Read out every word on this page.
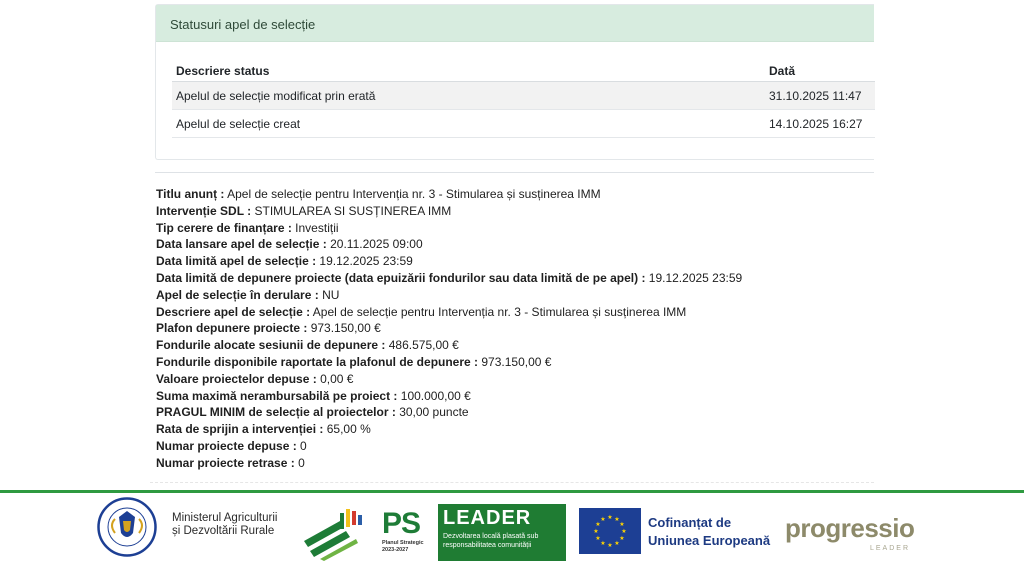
Statusuri apel de selecție
Descriere status	Dată
Apelul de selecție modificat prin erată	31.10.2025 11:47
Apelul de selecție creat	14.10.2025 16:27
Titlu anunț : Apel de selecție pentru Intervenția nr. 3 - Stimularea și susținerea IMM
Intervenție SDL : STIMULAREA SI SUSȚINEREA IMM
Tip cerere de finanțare : Investiții
Data lansare apel de selecție : 20.11.2025 09:00
Data limită apel de selecție : 19.12.2025 23:59
Data limită de depunere proiecte (data epuizării fondurilor sau data limită de pe apel) : 19.12.2025 23:59
Apel de selecție în derulare : NU
Descriere apel de selecție : Apel de selecție pentru Intervenția nr. 3 - Stimularea și susținerea IMM
Plafon depunere proiecte : 973.150,00 €
Fondurile alocate sesiunii de depunere : 486.575,00 €
Fondurile disponibile raportate la plafonul de depunere : 973.150,00 €
Valoare proiectelor depuse : 0,00 €
Suma maximă nerambursabilă pe proiect : 100.000,00 €
PRAGUL MINIM de selecție al proiectelor : 30,00 puncte
Rata de sprijin a intervenției : 65,00 %
Numar proiecte depuse : 0
Numar proiecte retrase : 0
Ministerul Agriculturii
și Dezvoltării Rurale	PS
Planul Strategic
2023-2027
LEADER
Dezvoltarea locală plasată sub
responsabilitatea comunității
★ ★
★
★
★
★
★
★
★
★
★
★	Cofinanțat de
Uniunea Europeană progressio
LEADER
